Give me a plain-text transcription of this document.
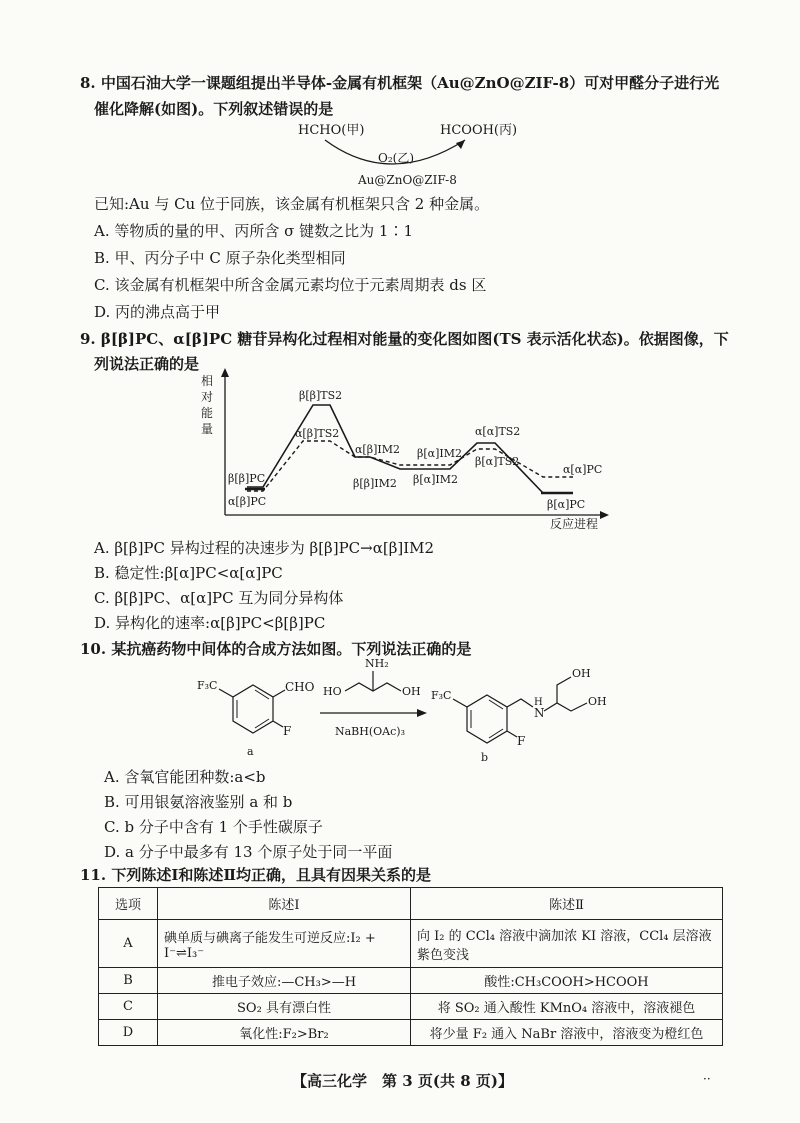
8. 中国石油大学一课题组提出半导体-金属有机框架（Au@ZnO@ZIF-8）可对甲醛分子进行光
催化降解(如图)。下列叙述错误的是
HCHO(甲)	HCOOH(丙)
O₂(乙)
Au@ZnO@ZIF-8
已知:Au 与 Cu 位于同族，该金属有机框架只含 2 种金属。
A. 等物质的量的甲、丙所含 σ 键数之比为 1∶1
B. 甲、丙分子中 C 原子杂化类型相同
C. 该金属有机框架中所含金属元素均位于元素周期表 ds 区
D. 丙的沸点高于甲
9. β[β]PC、α[β]PC 糖苷异构化过程相对能量的变化图如图(TS 表示活化状态)。依据图像，下
列说法正确的是
相
对
能
量
反应进程
β[β]PC
α[β]PC
β[β]TS2
α[β]TS2
α[β]IM2
β[β]IM2
β[α]IM2
β[α]IM2
α[α]TS2
β[α]TS2
α[α]PC
β[α]PC
A. β[β]PC 异构过程的决速步为 β[β]PC→α[β]IM2
B. 稳定性:β[α]PC<α[α]PC
C. β[β]PC、α[α]PC 互为同分异构体
D. 异构化的速率:α[β]PC<β[β]PC
10. 某抗癌药物中间体的合成方法如图。下列说法正确的是
F₃C	CHO
F
a
NH₂
HO	OH
NaBH(OAc)₃
F₃C
F
H
N
OH
OH
b
A. 含氧官能团种数:a<b
B. 可用银氨溶液鉴别 a 和 b
C. b 分子中含有 1 个手性碳原子
D. a 分子中最多有 13 个原子处于同一平面
11. 下列陈述Ⅰ和陈述Ⅱ均正确，且具有因果关系的是
选项	陈述Ⅰ	陈述Ⅱ
A	碘单质与碘离子能发生可逆反应:I₂ + I⁻⇌I₃⁻	向 I₂ 的 CCl₄ 溶液中滴加浓 KI 溶液，CCl₄ 层溶液紫色变浅
B	推电子效应:—CH₃>—H	酸性:CH₃COOH>HCOOH
C	SO₂ 具有漂白性	将 SO₂ 通入酸性 KMnO₄ 溶液中，溶液褪色
D	氧化性:F₂>Br₂	将少量 F₂ 通入 NaBr 溶液中，溶液变为橙红色
【高三化学　第 3 页(共 8 页)】	··
